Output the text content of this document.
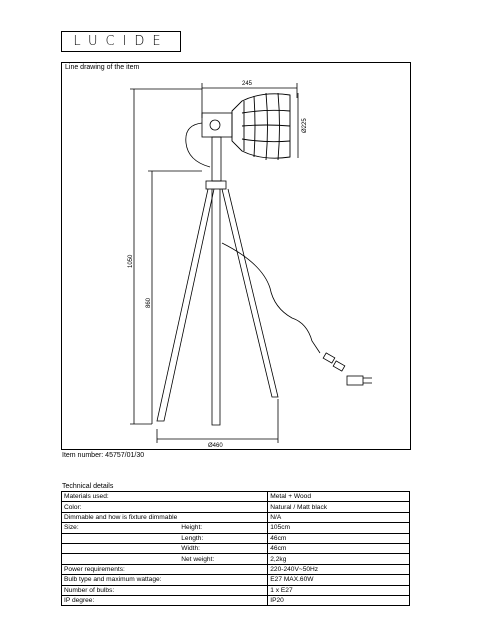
LUCIDE
Line drawing of the item
245
Ø225
1050
860
Ø460
Item number: 45757/01/30
Technical details
Materials used:		Metal + Wood
Color:		Natural / Matt black
Dimmable and how is fixture dimmable		N/A
Size:	Height:	105cm
	Length:	46cm
	Width:	46cm
	Net weight:	2,2kg
Power requirements:		220-240V~50Hz
Bulb type and maximum wattage:		E27 MAX.60W
Number of bulbs:		1 x E27
IP degree:		IP20
